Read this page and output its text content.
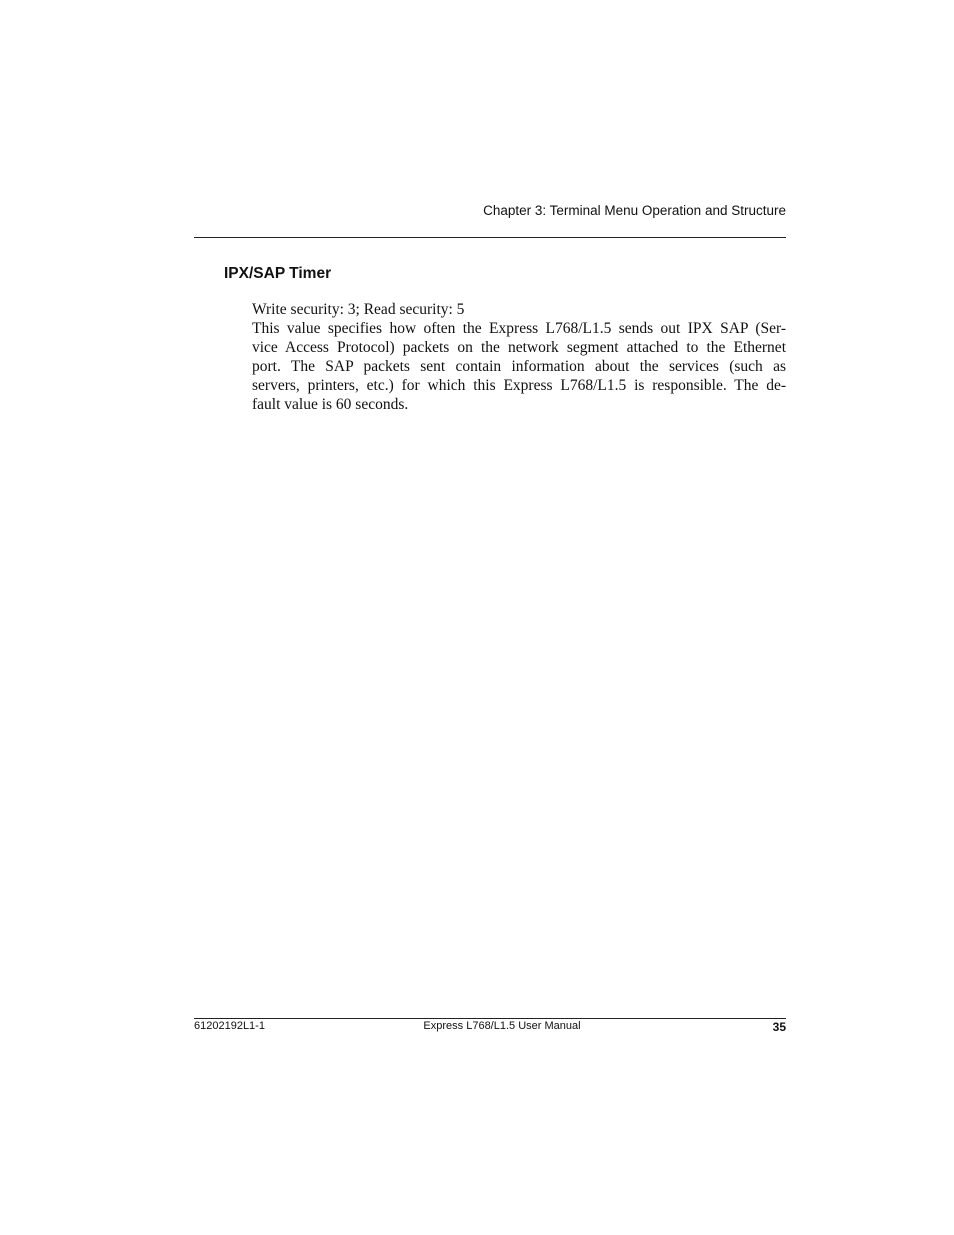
Chapter 3: Terminal Menu Operation and Structure
IPX/SAP Timer
Write security: 3; Read security: 5
This value specifies how often the Express L768/L1.5 sends out IPX SAP (Ser-
vice Access Protocol) packets on the network segment attached to the Ethernet
port. The SAP packets sent contain information about the services (such as
servers, printers, etc.) for which this Express L768/L1.5 is responsible. The de-
fault value is 60 seconds.
61202192L1-1	Express L768/L1.5 User Manual	35
